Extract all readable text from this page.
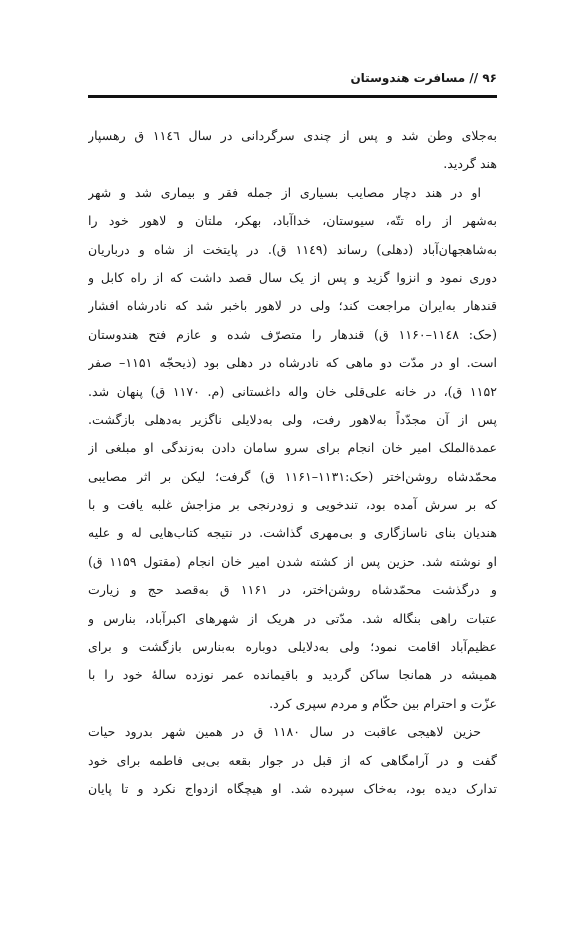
۹۶ // مسافرت هندوستان

به‌جلای وطن شد و پس از چندی سرگردانی در سال ۱۱٤٦ ق رهسپار
هند گردید.

او در هند دچار مصایب بسیاری از جمله فقر و بیماری شد و شهر
به‌شهر از راه تتّه، سیوستان، خداآباد، بهکر، ملتان و لاهور خود را
به‌شاهجهان‌آباد (دهلی) رساند (۱۱٤۹ ق). در پایتخت از شاه و درباریان
دوری نمود و انزوا گزید و پس از یک سال قصد داشت که از راه کابل و
قندهار به‌ایران مراجعت کند؛ ولی در لاهور باخبر شد که نادرشاه افشار
(حک: ۱۱٤۸–۱۱۶۰ ق) قندهار را متصرّف شده و عازم فتح هندوستان
است. او در مدّت دو ماهی که نادرشاه در دهلی بود (ذیحجّه ۱۱۵۱– صفر
۱۱۵۲ ق)، در خانه علی‌قلی خان واله داغستانی (م. ۱۱۷۰ ق) پنهان شد.
پس از آن مجدّداً به‌لاهور رفت، ولی به‌دلایلی ناگزیر به‌دهلی بازگشت.
عمدةالملک امیر خان انجام برای سرو سامان دادن به‌زندگی او مبلغی از
محمّدشاه روشن‌اختر (حک:۱۱۳۱–۱۱۶۱ ق) گرفت؛ لیکن بر اثر مصایبی
که بر سرش آمده بود، تندخویی و زودرنجی بر مزاجش غلبه یافت و با
هندیان بنای ناسازگاری و بی‌مهری گذاشت. در نتیجه کتاب‌هایی له و علیه
او نوشته شد. حزین پس از کشته شدن امیر خان انجام (مقتول ۱۱۵۹ ق)
و درگذشت محمّدشاه روشن‌اختر، در ۱۱۶۱ ق به‌قصد حج و زیارت
عتبات راهی بنگاله شد. مدّتی در هریک از شهرهای اکبرآباد، بنارس و
عظیم‌آباد اقامت نمود؛ ولی به‌دلایلی دوباره به‌بنارس بازگشت و برای
همیشه در همانجا ساکن گردید و باقیمانده عمر نوزده سالهٔ خود را با
عزّت و احترام بین حکّام و مردم سپری کرد.

حزین لاهیجی عاقبت در سال ۱۱۸۰ ق در همین شهر بدرود حیات
گفت و در آرامگاهی که از قبل در جوار بقعه بی‌بی فاطمه برای خود
تدارک دیده بود، به‌خاک سپرده شد. او هیچگاه ازدواج نکرد و تا پایان
